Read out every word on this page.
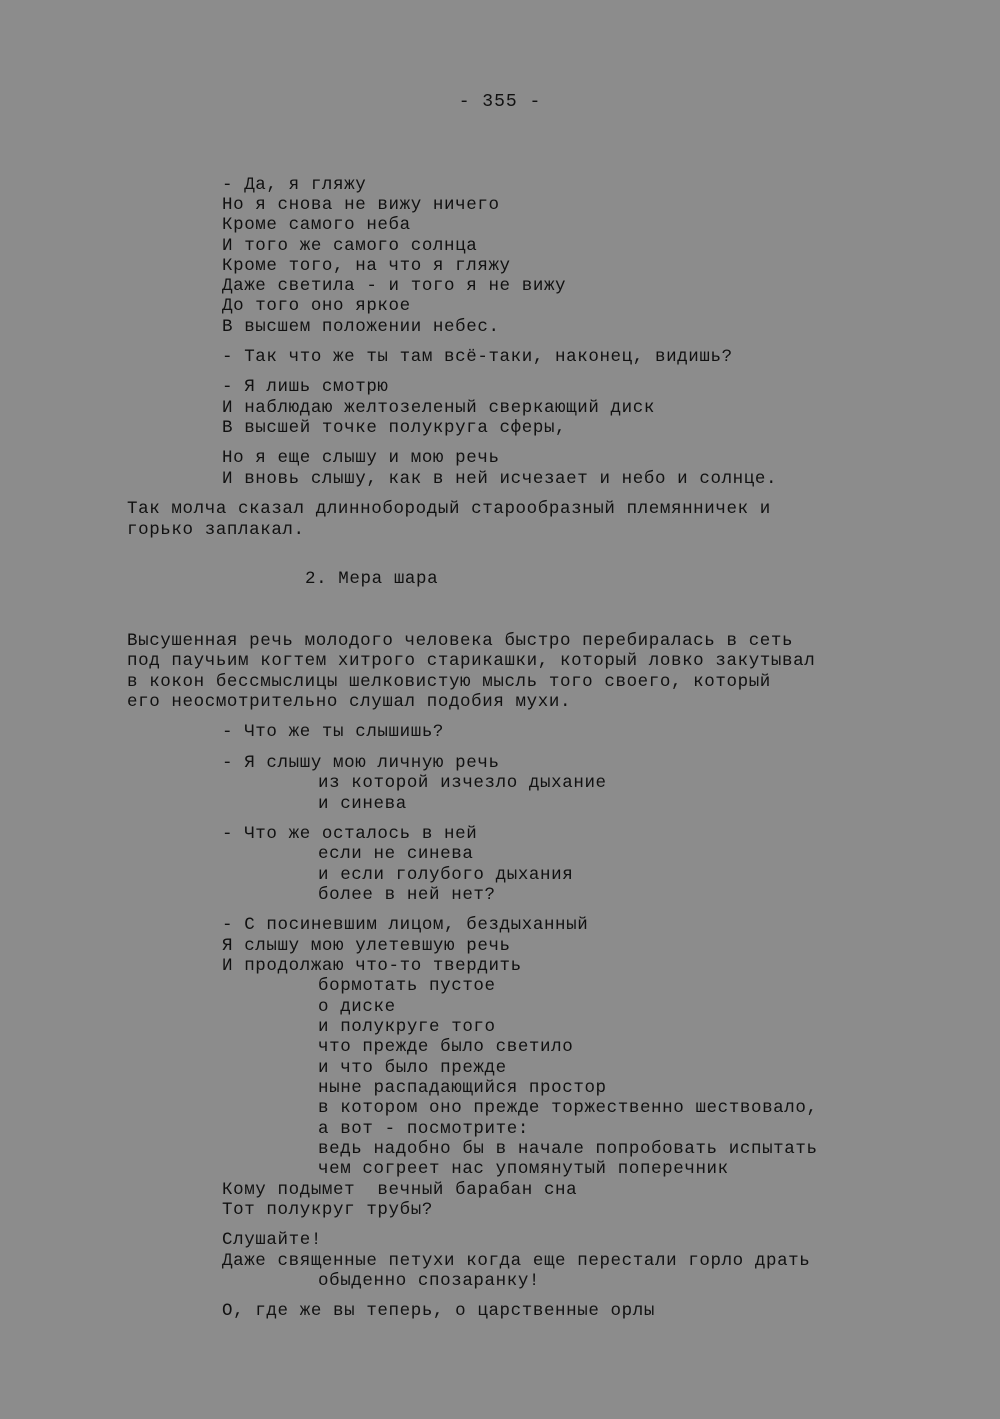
- 355 -
- Да, я гляжу
Но я снова не вижу ничего
Кроме самого неба
И того же самого солнца
Кроме того, на что я гляжу
Даже светила - и того я не вижу
До того оно яркое
В высшем положении небес.
- Так что же ты там всё-таки, наконец, видишь?
- Я лишь смотрю
И наблюдаю желтозеленый сверкающий диск
В высшей точке полукруга сферы,
Но я еще слышу и мою речь
И вновь слышу, как в ней исчезает и небо и солнце.
Так молча сказал длиннобородый старообразный племянничек и
горько заплакал.
2. Мера шара
Высушенная речь молодого человека быстро перебиралась в сеть
под паучьим когтем хитрого старикашки, который ловко закутывал
в кокон бессмыслицы шелковистую мысль того своего, который
его неосмотрительно слушал подобия мухи.
- Что же ты слышишь?
- Я слышу мою личную речь
из которой изчезло дыхание
и синева
- Что же осталось в ней
если не синева
и если голубого дыхания
более в ней нет?
- С посиневшим лицом, бездыханный
Я слышу мою улетевшую речь
И продолжаю что-то твердить
бормотать пустое
о диске
и полукруге того
что прежде было светило
и что было прежде
ныне распадающийся простор
в котором оно прежде торжественно шествовало,
а вот - посмотрите:
ведь надобно бы в начале попробовать испытать
чем согреет нас упомянутый поперечник
Кому подымет  вечный барабан сна
Тот полукруг трубы?
Слушайте!
Даже священные петухи когда еще перестали горло драть
обыденно спозаранку!
О, где же вы теперь, о царственные орлы
